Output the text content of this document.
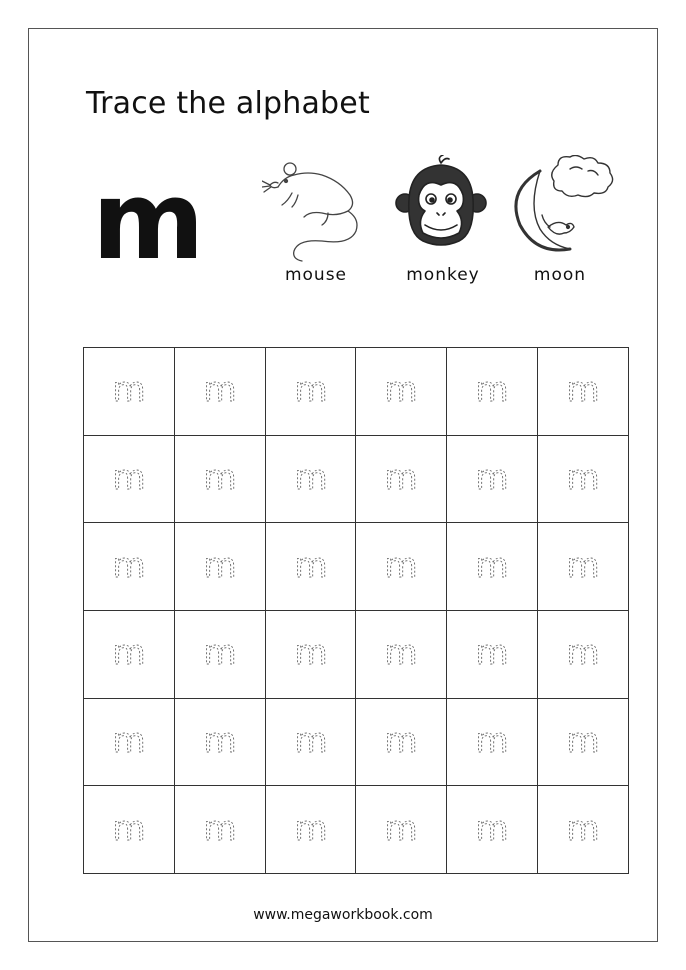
Trace the alphabet
m	mouse	monkey	moon
m	m	m	m	m	m

m	m	m	m	m	m

m	m	m	m	m	m

m	m	m	m	m	m

m	m	m	m	m	m

m	m	m	m	m	m
www.megaworkbook.com
